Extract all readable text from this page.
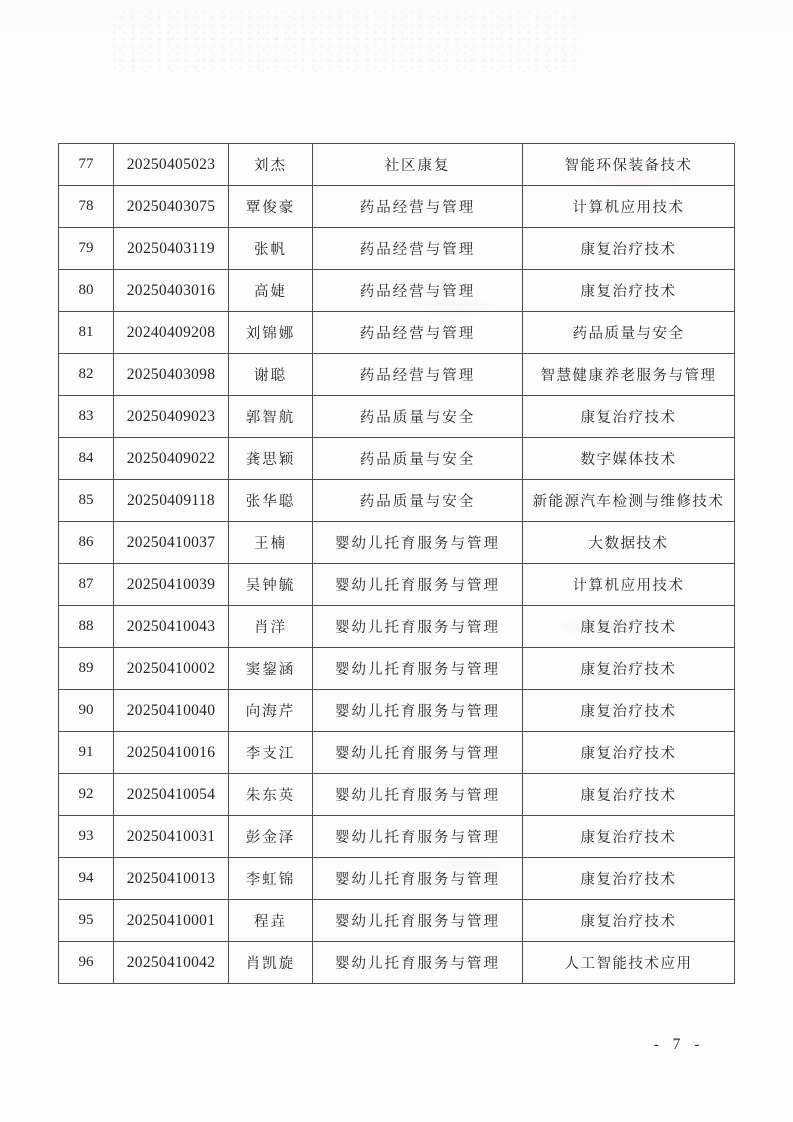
77	20250405023	刘杰	社区康复	智能环保装备技术
78	20250403075	覃俊豪	药品经营与管理	计算机应用技术
79	20250403119	张帆	药品经营与管理	康复治疗技术
80	20250403016	高婕	药品经营与管理	康复治疗技术
81	20240409208	刘锦娜	药品经营与管理	药品质量与安全
82	20250403098	谢聪	药品经营与管理	智慧健康养老服务与管理
83	20250409023	郭智航	药品质量与安全	康复治疗技术
84	20250409022	龚思颖	药品质量与安全	数字媒体技术
85	20250409118	张华聪	药品质量与安全	新能源汽车检测与维修技术
86	20250410037	王楠	婴幼儿托育服务与管理	大数据技术
87	20250410039	吴钟毓	婴幼儿托育服务与管理	计算机应用技术
88	20250410043	肖洋	婴幼儿托育服务与管理	康复治疗技术
89	20250410002	窦鋆涵	婴幼儿托育服务与管理	康复治疗技术
90	20250410040	向海芹	婴幼儿托育服务与管理	康复治疗技术
91	20250410016	李支江	婴幼儿托育服务与管理	康复治疗技术
92	20250410054	朱东英	婴幼儿托育服务与管理	康复治疗技术
93	20250410031	彭金泽	婴幼儿托育服务与管理	康复治疗技术
94	20250410013	李虹锦	婴幼儿托育服务与管理	康复治疗技术
95	20250410001	程垚	婴幼儿托育服务与管理	康复治疗技术
96	20250410042	肖凯旋	婴幼儿托育服务与管理	人工智能技术应用
- 7 -
